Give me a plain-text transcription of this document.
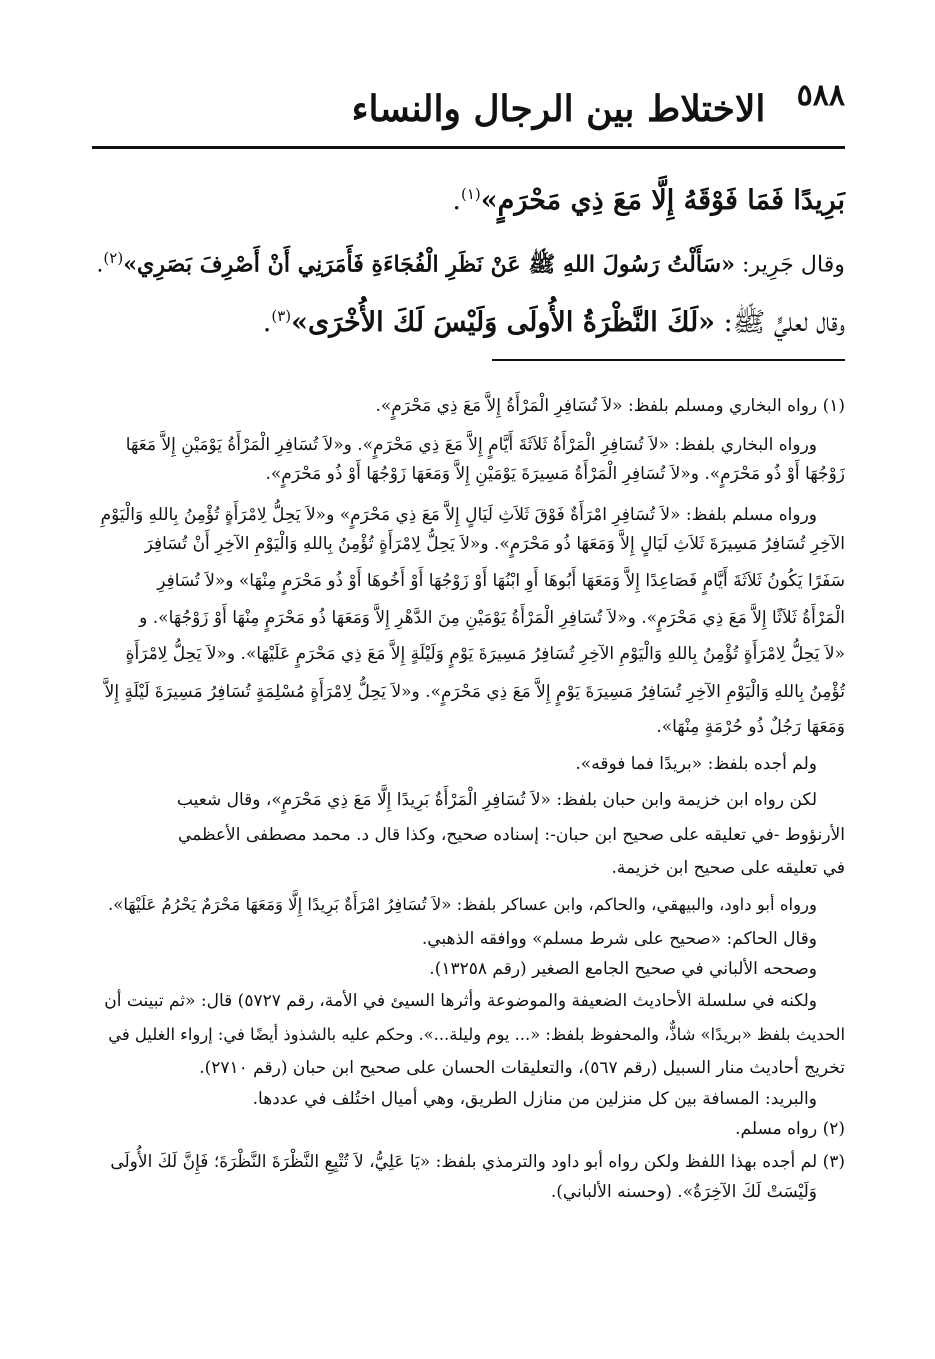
الاختلاط بين الرجال والنساء	٥٨٨
بَرِيدًا فَمَا فَوْقَهُ إِلَّا مَعَ ذِي مَحْرَمٍ»$^{(١)}$.
وقال جَرِير: «سَأَلْتُ رَسُولَ اللهِ ﷺ عَنْ نَظَرِ الْفُجَاءَةِ فَأَمَرَنِي أَنْ أَصْرِفَ بَصَرِي»$^{(٢)}$.
وقال لعليٍّ ﷺ: «لَكَ النَّظْرَةُ الأُولَى وَلَيْسَ لَكَ الأُخْرَى»$^{(٣)}$.
(١) رواه البخاري ومسلم بلفظ: «لاَ تُسَافِرِ الْمَرْأَةُ إِلاَّ مَعَ ذِي مَحْرَمٍ».
ورواه البخاري بلفظ: «لاَ تُسَافِرِ الْمَرْأَةُ ثَلاَثَةَ أَيَّامٍ إِلاَّ مَعَ ذِي مَحْرَمٍ». و«لاَ تُسَافِرِ الْمَرْأَةُ يَوْمَيْنِ إِلاَّ مَعَهَا
زَوْجُهَا أَوْ ذُو مَحْرَمٍ». و«لاَ تُسَافِرِ الْمَرْأَةُ مَسِيرَةَ يَوْمَيْنِ إِلاَّ وَمَعَهَا زَوْجُهَا أَوْ ذُو مَحْرَمٍ».
ورواه مسلم بلفظ: «لاَ تُسَافِرِ امْرَأَةٌ فَوْقَ ثَلاَثِ لَيَالٍ إِلاَّ مَعَ ذِي مَحْرَمٍ» و«لاَ يَحِلُّ لِامْرَأَةٍ تُؤْمِنُ بِاللهِ وَالْيَوْمِ
الآخِرِ تُسَافِرُ مَسِيرَةَ ثَلاَثِ لَيَالٍ إِلاَّ وَمَعَهَا ذُو مَحْرَمٍ». و«لاَ يَحِلُّ لِامْرَأَةٍ تُؤْمِنُ بِاللهِ وَالْيَوْمِ الآخِرِ أَنْ تُسَافِرَ
سَفَرًا يَكُونُ ثَلاَثَةَ أَيَّامٍ فَصَاعِدًا إِلاَّ وَمَعَهَا أَبُوهَا أَوِ ابْنُهَا أَوْ زَوْجُهَا أَوْ أَخُوهَا أَوْ ذُو مَحْرَمٍ مِنْهَا» و«لاَ تُسَافِرِ
الْمَرْأَةُ ثَلاَثًا إِلاَّ مَعَ ذِي مَحْرَمٍ». و«لاَ تُسَافِرِ الْمَرْأَةُ يَوْمَيْنِ مِنَ الدَّهْرِ إِلاَّ وَمَعَهَا ذُو مَحْرَمٍ مِنْهَا أَوْ زَوْجُهَا». و
«لاَ يَحِلُّ لِامْرَأَةٍ تُؤْمِنُ بِاللهِ وَالْيَوْمِ الآخِرِ تُسَافِرُ مَسِيرَةَ يَوْمٍ وَلَيْلَةٍ إِلاَّ مَعَ ذِي مَحْرَمٍ عَلَيْهَا». و«لاَ يَحِلُّ لِامْرَأَةٍ
تُؤْمِنُ بِاللهِ وَالْيَوْمِ الآخِرِ تُسَافِرُ مَسِيرَةَ يَوْمٍ إِلاَّ مَعَ ذِي مَحْرَمٍ». و«لاَ يَحِلُّ لِامْرَأَةٍ مُسْلِمَةٍ تُسَافِرُ مَسِيرَةَ لَيْلَةٍ إِلاَّ
وَمَعَهَا رَجُلٌ ذُو حُرْمَةٍ مِنْهَا».
ولم أجده بلفظ: «بريدًا فما فوقه».
لكن رواه ابن خزيمة وابن حبان بلفظ: «لاَ تُسَافِرِ الْمَرْأَةُ بَرِيدًا إِلَّا مَعَ ذِي مَحْرَمٍ»، وقال شعيب
الأرنؤوط -في تعليقه على صحيح ابن حبان-: إسناده صحيح، وكذا قال د. محمد مصطفى الأعظمي
في تعليقه على صحيح ابن خزيمة.
ورواه أبو داود، والبيهقي، والحاكم، وابن عساكر بلفظ: «لاَ تُسَافِرُ امْرَأَةٌ بَرِيدًا إِلَّا وَمَعَهَا مَحْرَمٌ يَحْرُمُ عَلَيْهَا».
وقال الحاكم: «صحيح على شرط مسلم» ووافقه الذهبي.
وصححه الألباني في صحيح الجامع الصغير (رقم ١٣٢٥٨).
ولكنه في سلسلة الأحاديث الضعيفة والموضوعة وأثرها السيئ في الأمة، رقم ٥٧٢٧) قال: «ثم تبينت أن
الحديث بلفظ «بريدًا» شاذٌّ، والمحفوظ بلفظ: «... يوم وليلة...». وحكم عليه بالشذوذ أيضًا في: إرواء الغليل في
تخريج أحاديث منار السبيل (رقم ٥٦٧)، والتعليقات الحسان على صحيح ابن حبان (رقم ٢٧١٠).
والبريد: المسافة بين كل منزلين من منازل الطريق، وهي أميال اختُلف في عددها.
(٢) رواه مسلم.
(٣) لم أجده بهذا اللفظ ولكن رواه أبو داود والترمذي بلفظ: «يَا عَلِيُّ، لاَ تُتْبِعِ النَّظْرَةَ النَّظْرَةَ؛ فَإِنَّ لَكَ الأُولَى
وَلَيْسَتْ لَكَ الآخِرَةُ». (وحسنه الألباني).
